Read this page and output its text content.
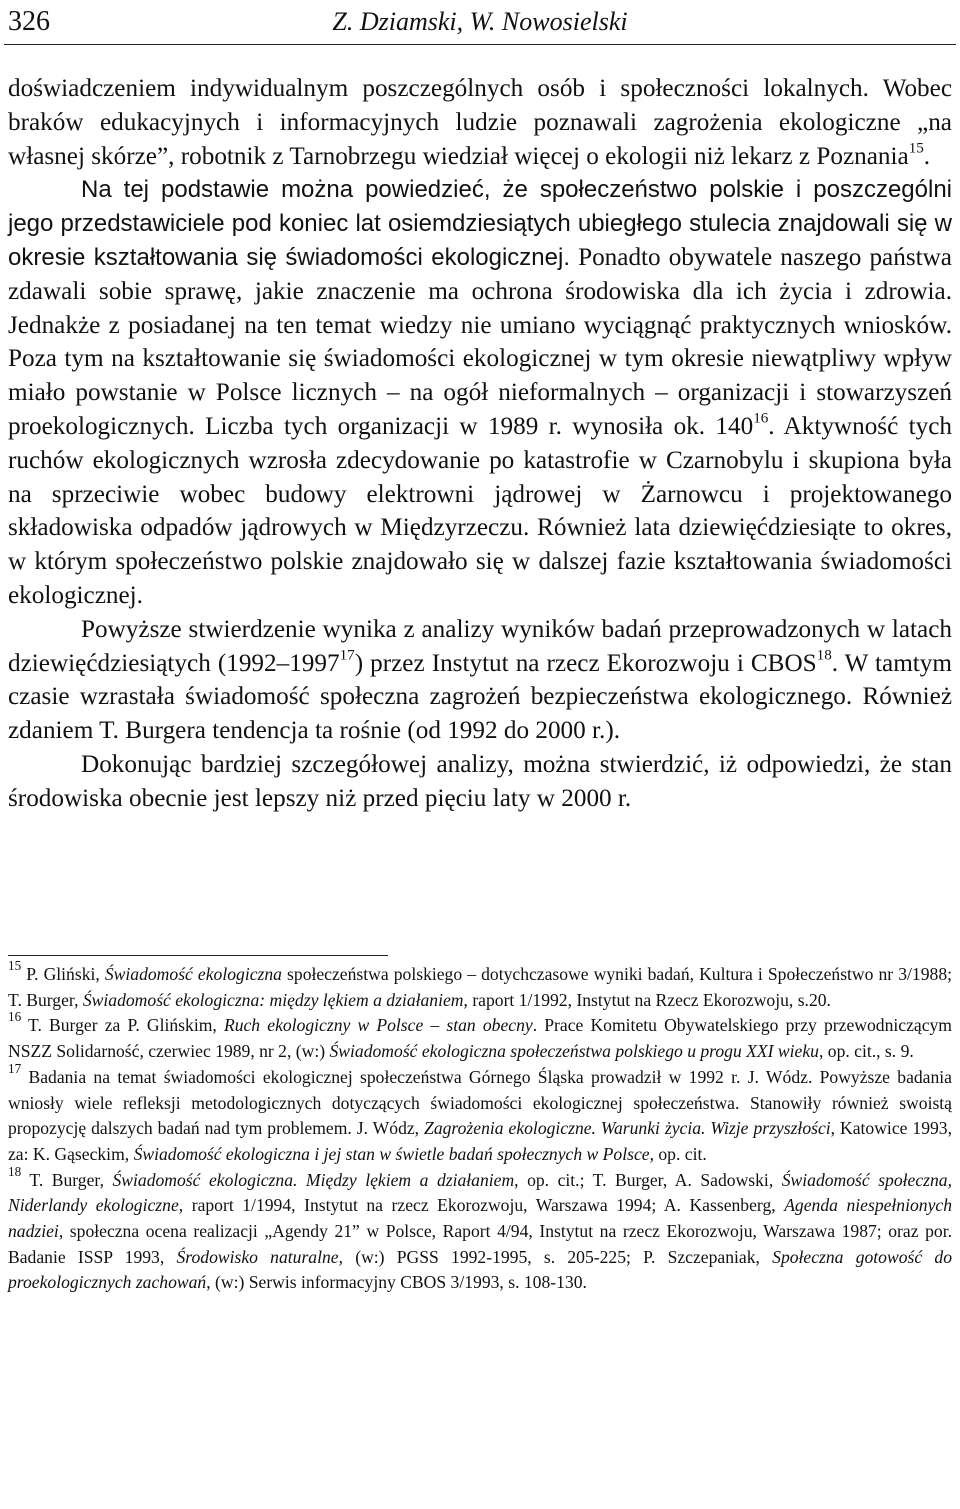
326	Z. Dziamski, W. Nowosielski

doświadczeniem indywidualnym poszczególnych osób i społeczności lokalnych. Wobec braków edukacyjnych i informacyjnych ludzie poznawali zagrożenia ekologiczne „na własnej skórze”, robotnik z Tarnobrzegu wiedział więcej o ekologii niż lekarz z Poznania$^{15}$.

Na tej podstawie można powiedzieć, że społeczeństwo polskie i poszczególni jego przedstawiciele pod koniec lat osiemdziesiątych ubiegłego stulecia znajdowali się w okresie kształtowania się świadomości ekologicznej. Ponadto obywatele naszego państwa zdawali sobie sprawę, jakie znaczenie ma ochrona środowiska dla ich życia i zdrowia. Jednakże z posiadanej na ten temat wiedzy nie umiano wyciągnąć praktycznych wniosków. Poza tym na kształtowanie się świadomości ekologicznej w tym okresie niewątpliwy wpływ miało powstanie w Polsce licznych – na ogół nieformalnych – organizacji i stowarzyszeń proekologicznych. Liczba tych organizacji w 1989 r. wynosiła ok. $140^{16}$. Aktywność tych ruchów ekologicznych wzrosła zdecydowanie po katastrofie w Czarnobylu i skupiona była na sprzeciwie wobec budowy elektrowni jądrowej w Żarnowcu i projektowanego składowiska odpadów jądrowych w Międzyrzeczu. Również lata dziewięćdziesiąte to okres, w którym społeczeństwo polskie znajdowało się w dalszej fazie kształtowania świadomości ekologicznej.

Powyższe stwierdzenie wynika z analizy wyników badań przeprowadzonych w latach dziewięćdziesiątych (1992–1997$^{17}$) przez Instytut na rzecz Ekorozwoju i CBOS$^{18}$. W tamtym czasie wzrastała świadomość społeczna zagrożeń bezpieczeństwa ekologicznego. Również zdaniem T. Burgera tendencja ta rośnie (od 1992 do 2000 r.).

Dokonując bardziej szczegółowej analizy, można stwierdzić, iż odpowiedzi, że stan środowiska obecnie jest lepszy niż przed pięciu laty w 2000 r.

$^{15}$ P. Gliński, Świadomość ekologiczna społeczeństwa polskiego – dotychczasowe wyniki badań, Kultura i Społeczeństwo nr 3/1988; T. Burger, Świadomość ekologiczna: między lękiem a działaniem, raport 1/1992, Instytut na Rzecz Ekorozwoju, s.20.

$^{16}$ T. Burger za P. Glińskim, Ruch ekologiczny w Polsce – stan obecny. Prace Komitetu Obywatelskiego przy przewodniczącym NSZZ Solidarność, czerwiec 1989, nr 2, (w:) Świadomość ekologiczna społeczeństwa polskiego u progu XXI wieku, op. cit., s. 9.

$^{17}$ Badania na temat świadomości ekologicznej społeczeństwa Górnego Śląska prowadził w 1992 r. J. Wódz. Powyższe badania wniosły wiele refleksji metodologicznych dotyczących świadomości ekologicznej społeczeństwa. Stanowiły również swoistą propozycję dalszych badań nad tym problemem. J. Wódz, Zagrożenia ekologiczne. Warunki życia. Wizje przyszłości, Katowice 1993, za: K. Gąseckim, Świadomość ekologiczna i jej stan w świetle badań społecznych w Polsce, op. cit.

$^{18}$ T. Burger, Świadomość ekologiczna. Między lękiem a działaniem, op. cit.; T. Burger, A. Sadowski, Świadomość społeczna, Niderlandy ekologiczne, raport 1/1994, Instytut na rzecz Ekorozwoju, Warszawa 1994; A. Kassenberg, Agenda niespełnionych nadziei, społeczna ocena realizacji „Agendy 21” w Polsce, Raport 4/94, Instytut na rzecz Ekorozwoju, Warszawa 1987; oraz por. Badanie ISSP 1993, Środowisko naturalne, (w:) PGSS 1992-1995, s. 205-225; P. Szczepaniak, Społeczna gotowość do proekologicznych zachowań, (w:) Serwis informacyjny CBOS 3/1993, s. 108-130.
